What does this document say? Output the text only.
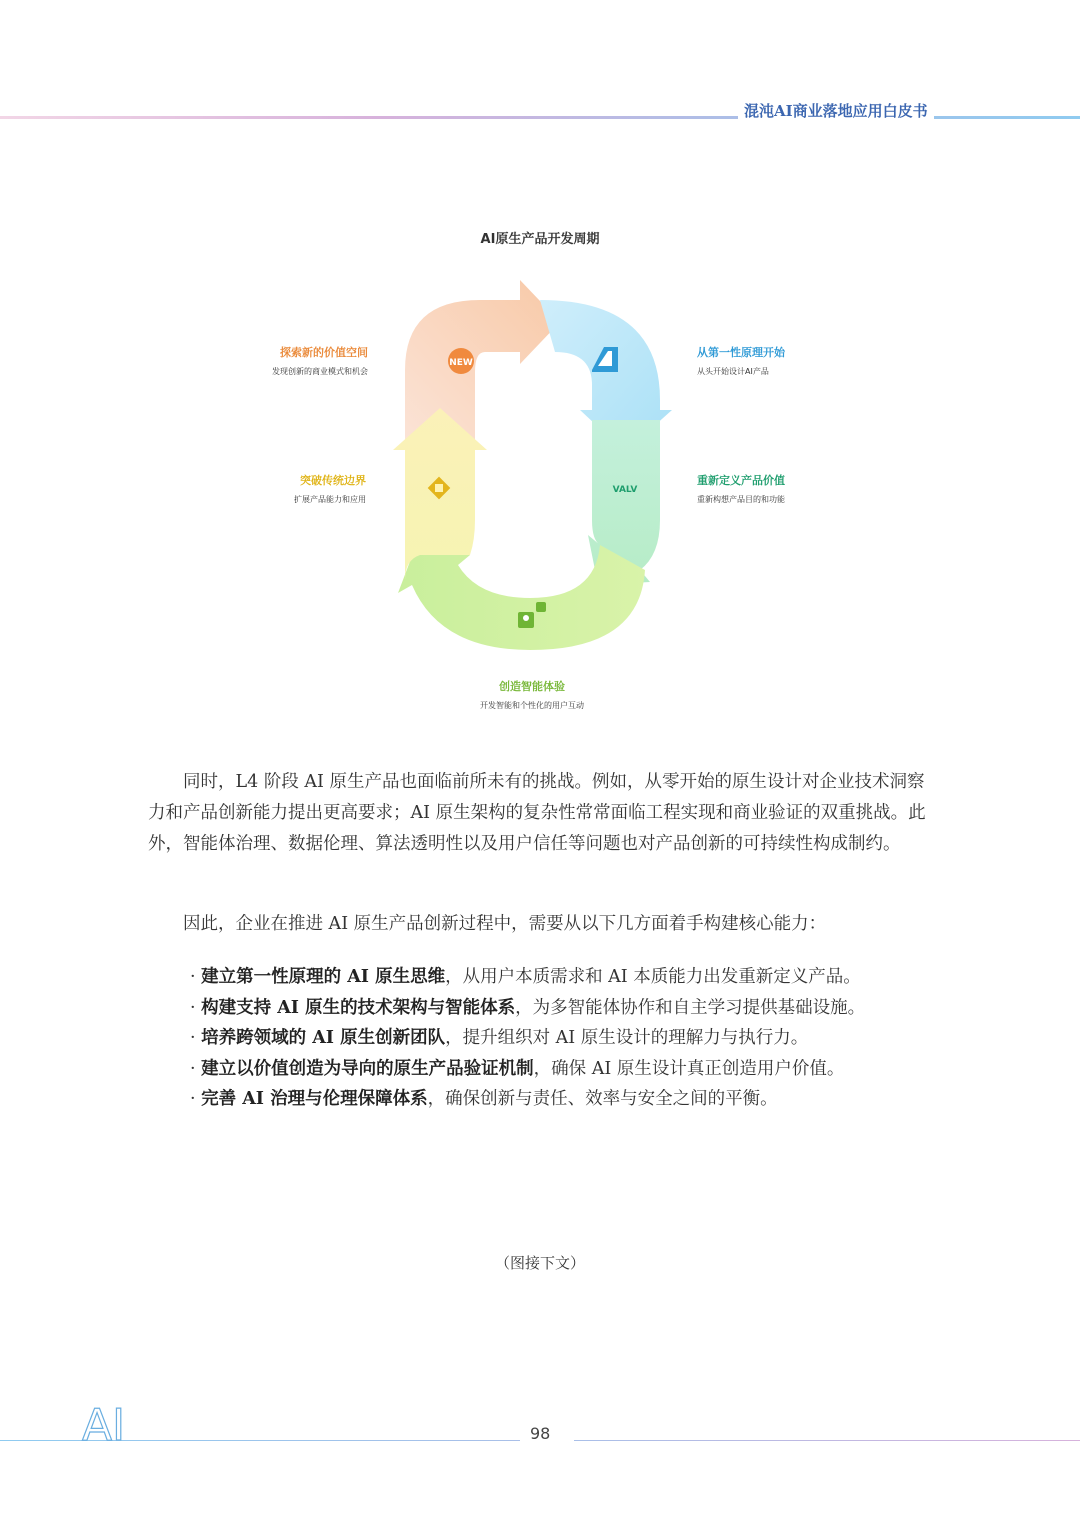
混沌AI商业落地应用白皮书
AI原生产品开发周期
NEW
VALV
探索新的价值空间
发现创新的商业模式和机会
从第一性原理开始
从头开始设计AI产品
重新定义产品价值
重新构想产品目的和功能
突破传统边界
扩展产品能力和应用
创造智能体验
开发智能和个性化的用户互动

同时，L4 阶段 AI 原生产品也面临前所未有的挑战。例如，从零开始的原生设计对企业技术洞察力和产品创新能力提出更高要求；AI 原生架构的复杂性常常面临工程实现和商业验证的双重挑战。此外，智能体治理、数据伦理、算法透明性以及用户信任等问题也对产品创新的可持续性构成制约。

因此，企业在推进 AI 原生产品创新过程中，需要从以下几方面着手构建核心能力：

· 建立第一性原理的 AI 原生思维，从用户本质需求和 AI 本质能力出发重新定义产品。
· 构建支持 AI 原生的技术架构与智能体系，为多智能体协作和自主学习提供基础设施。
· 培养跨领域的 AI 原生创新团队，提升组织对 AI 原生设计的理解力与执行力。
· 建立以价值创造为导向的原生产品验证机制，确保 AI 原生设计真正创造用户价值。
· 完善 AI 治理与伦理保障体系，确保创新与责任、效率与安全之间的平衡。
（图接下文）
AI	98
